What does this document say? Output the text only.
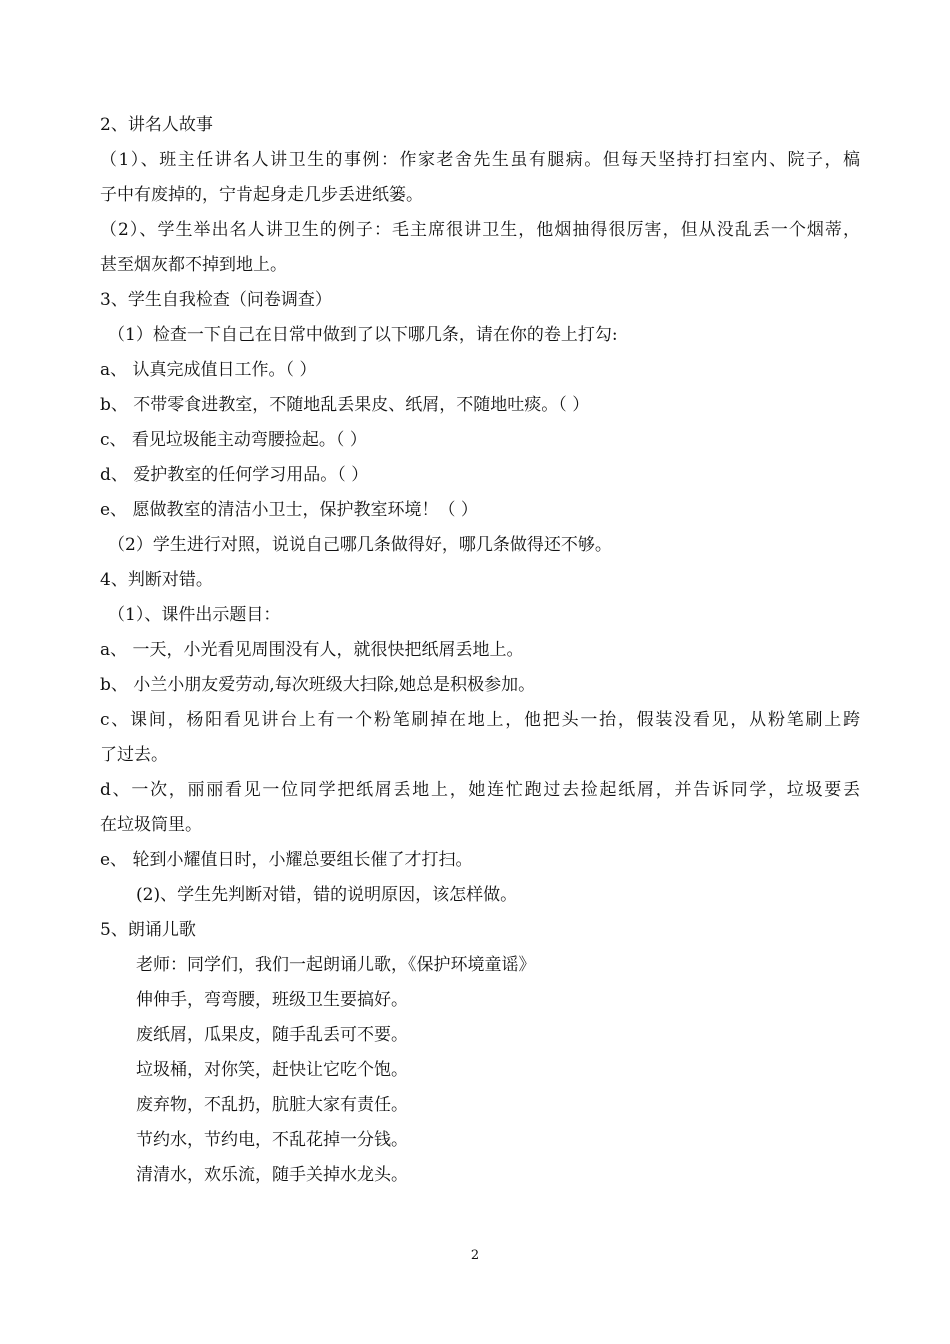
2、讲名人故事
（1）、班主任讲名人讲卫生的事例：作家老舍先生虽有腿病。但每天坚持打扫室内、院子，槁
子中有废掉的，宁肯起身走几步丢进纸篓。
（2）、学生举出名人讲卫生的例子：毛主席很讲卫生，他烟抽得很厉害，但从没乱丢一个烟蒂，
甚至烟灰都不掉到地上。
3、学生自我检查（问卷调查）
（1）检查一下自己在日常中做到了以下哪几条，请在你的卷上打勾:
a、 认真完成值日工作。（ ）
b、 不带零食进教室，不随地乱丢果皮、纸屑，不随地吐痰。（ ）
c、 看见垃圾能主动弯腰捡起。（ ）
d、 爱护教室的任何学习用品。（ ）
e、 愿做教室的清洁小卫士，保护教室环境！（ ）
（2）学生进行对照，说说自己哪几条做得好，哪几条做得还不够。
4、判断对错。
（1）、课件出示题目：
a、 一天，小光看见周围没有人，就很快把纸屑丢地上。
b、 小兰小朋友爱劳动,每次班级大扫除,她总是积极参加。
c、课间，杨阳看见讲台上有一个粉笔刷掉在地上，他把头一抬，假装没看见，从粉笔刷上跨
了过去。
d、一次，丽丽看见一位同学把纸屑丢地上，她连忙跑过去捡起纸屑，并告诉同学，垃圾要丢
在垃圾筒里。
e、 轮到小耀值日时，小耀总要组长催了才打扫。
(2)、学生先判断对错，错的说明原因，该怎样做。
5、朗诵儿歌
老师：同学们，我们一起朗诵儿歌，《保护环境童谣》
伸伸手，弯弯腰，班级卫生要搞好。
废纸屑，瓜果皮，随手乱丢可不要。
垃圾桶，对你笑，赶快让它吃个饱。
废弃物，不乱扔，肮脏大家有责任。
节约水，节约电，不乱花掉一分钱。
清清水，欢乐流，随手关掉水龙头。
2
